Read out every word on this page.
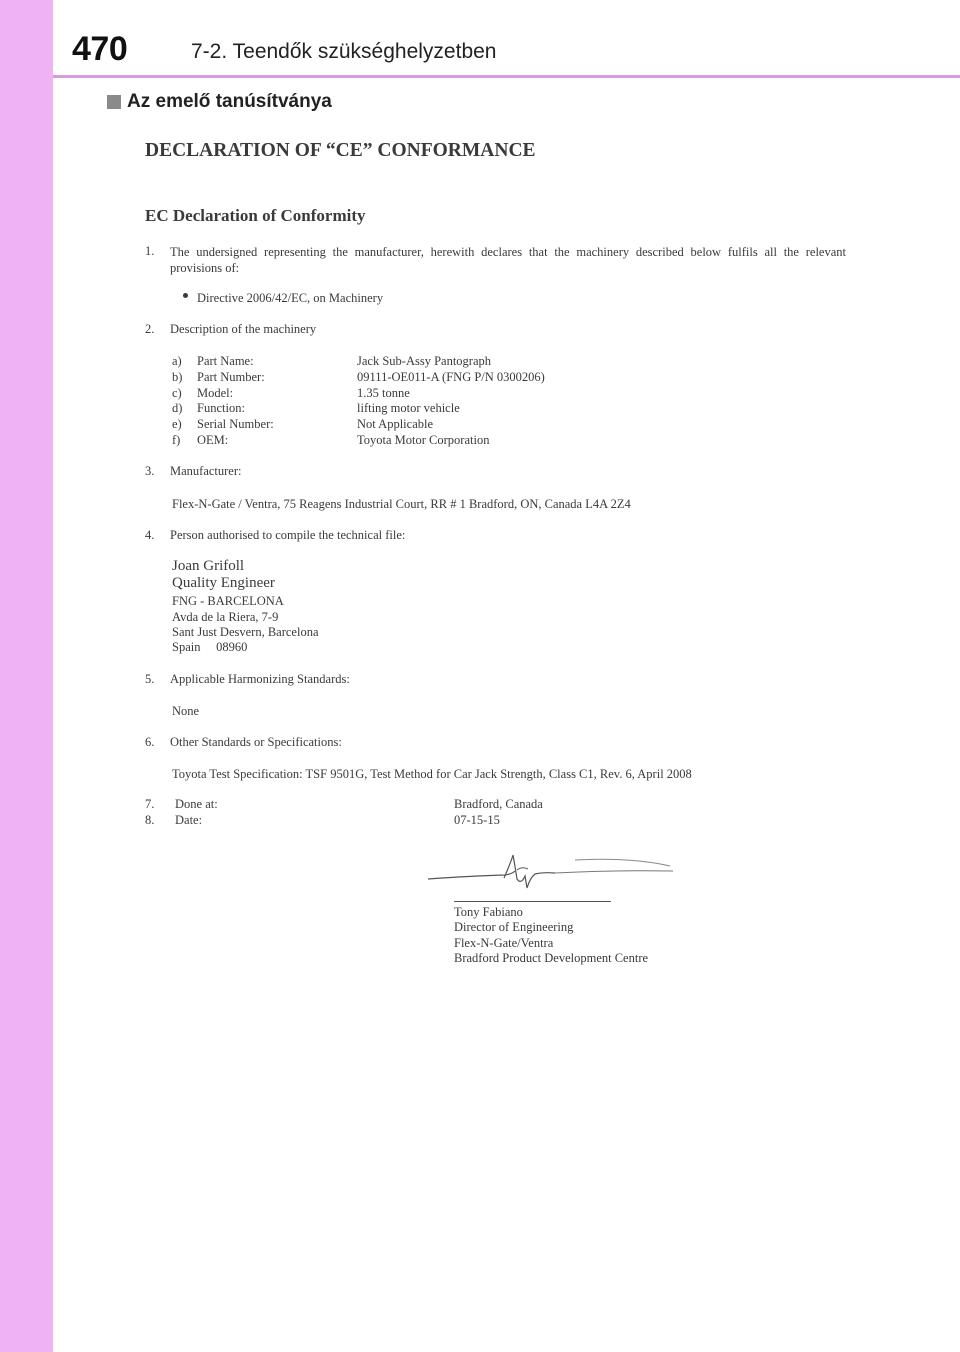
470	7-2. Teendők szükséghelyzetben
Az emelő tanúsítványa
DECLARATION OF “CE” CONFORMANCE
EC Declaration of Conformity
1. The undersigned representing the manufacturer, herewith declares that the machinery described below fulfils all the relevant provisions of:
Directive 2006/42/EC, on Machinery
2. Description of the machinery
a) Part Name:	Jack Sub-Assy Pantograph
b) Part Number:	09111-OE011-A (FNG P/N 0300206)
c) Model:	1.35 tonne
d) Function:	lifting motor vehicle
e) Serial Number:	Not Applicable
f) OEM:	Toyota Motor Corporation
3. Manufacturer:
Flex-N-Gate / Ventra, 75 Reagens Industrial Court, RR # 1 Bradford, ON, Canada L4A 2Z4
4. Person authorised to compile the technical file:
Joan Grifoll
Quality Engineer
FNG - BARCELONA
Avda de la Riera, 7-9
Sant Just Desvern, Barcelona
Spain     08960
5. Applicable Harmonizing Standards:
None
6. Other Standards or Specifications:
Toyota Test Specification: TSF 9501G, Test Method for Car Jack Strength, Class C1, Rev. 6, April 2008
7. Done at:	Bradford, Canada
8. Date:	07-15-15
Tony Fabiano
Director of Engineering
Flex-N-Gate/Ventra
Bradford Product Development Centre
